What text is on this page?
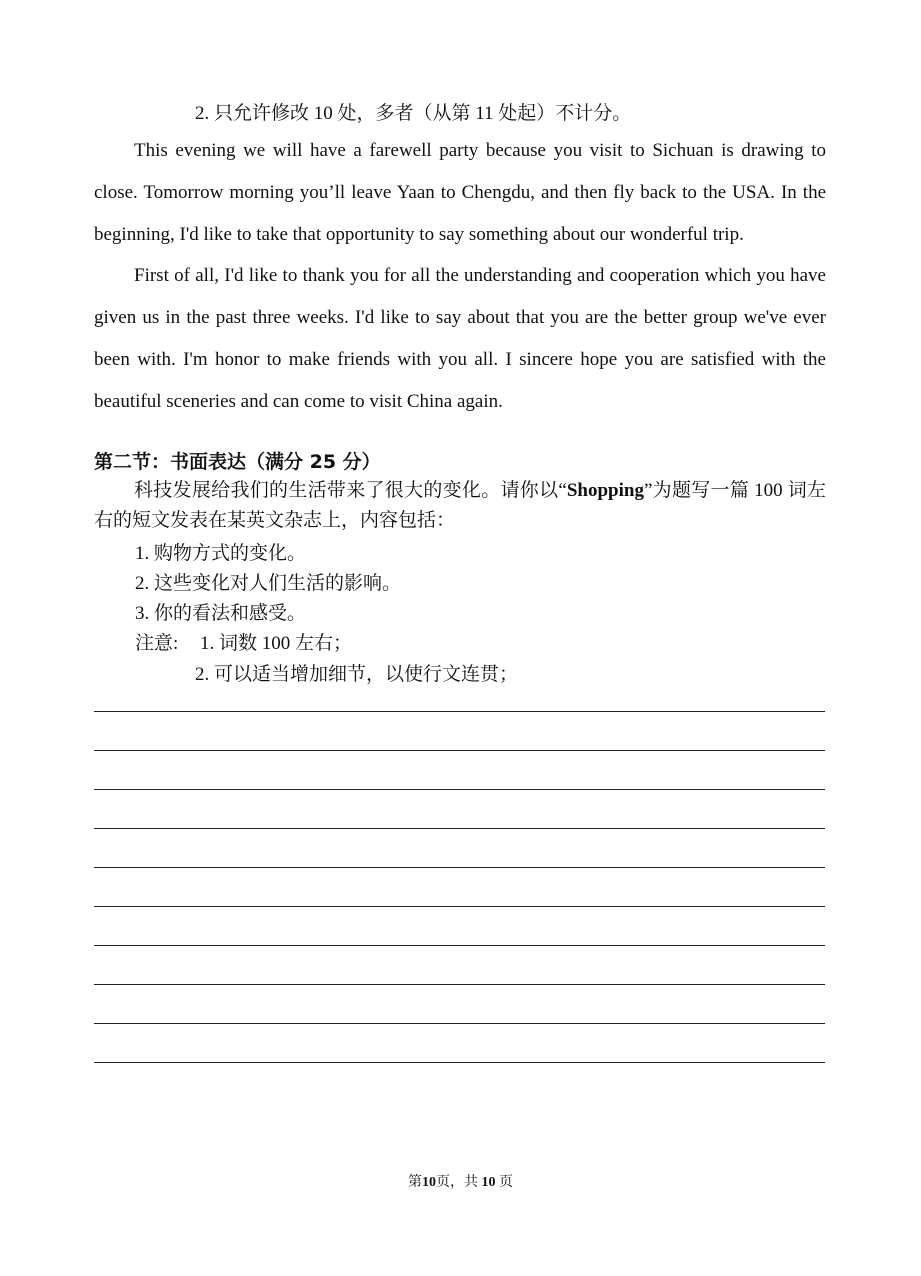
2. 只允许修改 10 处，多者（从第 11 处起）不计分。

This evening we will have a farewell party because you visit to Sichuan is drawing to close. Tomorrow morning you’ll leave Yaan to Chengdu, and then fly back to the USA. In the beginning, I'd like to take that opportunity to say something about our wonderful trip.

First of all, I'd like to thank you for all the understanding and cooperation which you have given us in the past three weeks. I'd like to say about that you are the better group we've ever been with. I'm honor to make friends with you all. I sincere hope you are satisfied with the beautiful sceneries and can come to visit China again.

第二节：书面表达（满分 25 分）

科技发展给我们的生活带来了很大的变化。请你以“Shopping”为题写一篇 100 词左右的短文发表在某英文杂志上，内容包括：

1. 购物方式的变化。
2. 这些变化对人们生活的影响。
3. 你的看法和感受。
注意: 1. 词数 100 左右；
2. 可以适当增加细节，以使行文连贯；
第10页，共 10 页
